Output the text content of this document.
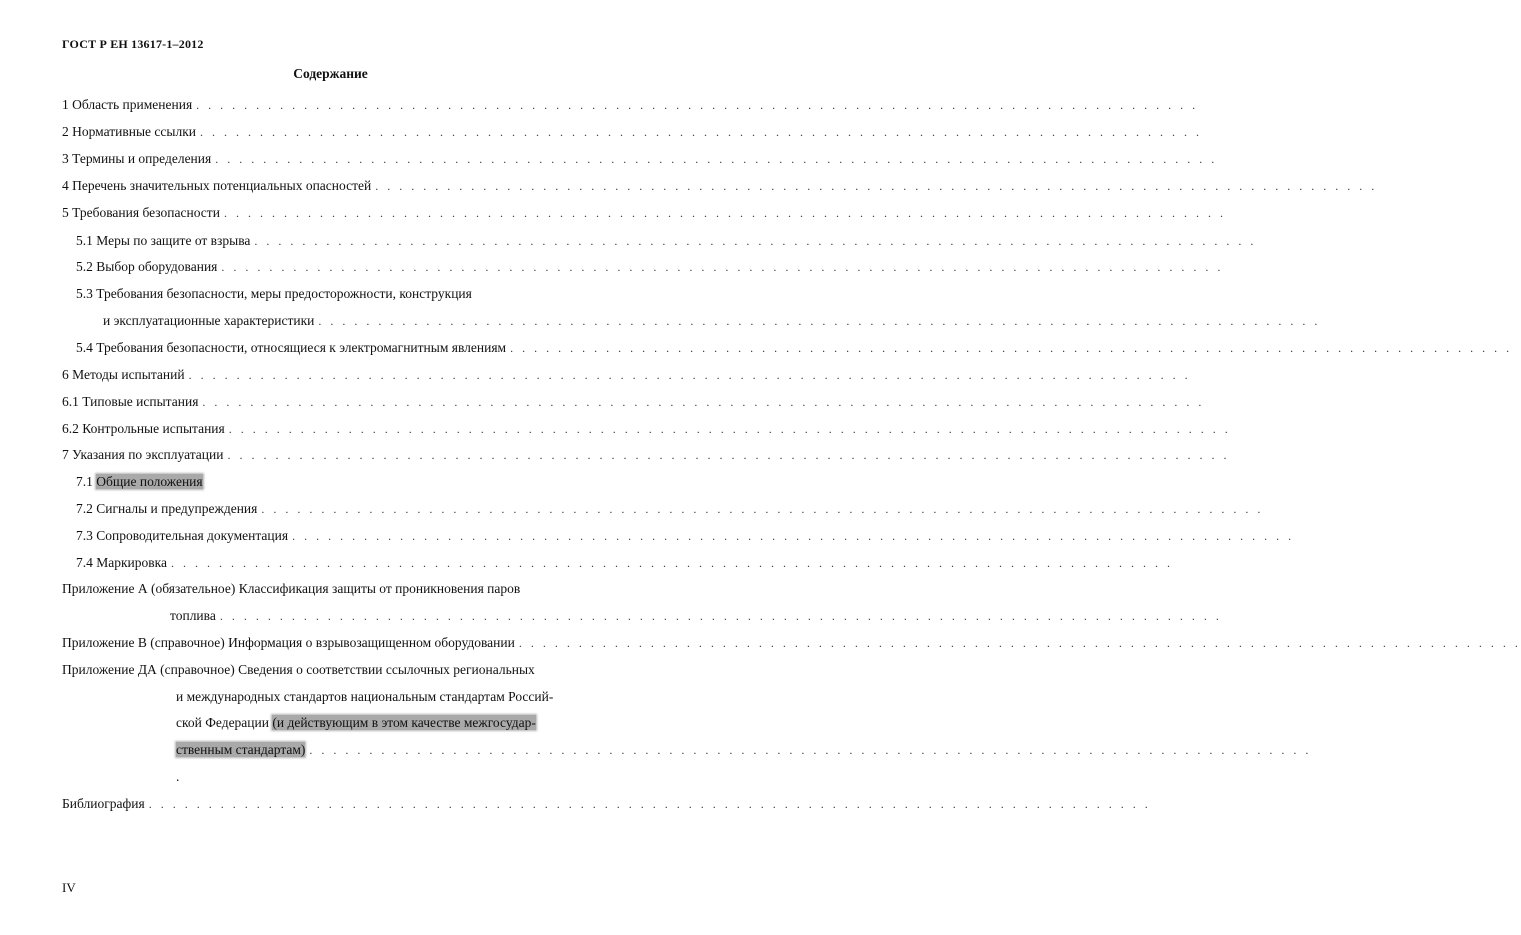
ГОСТ Р ЕН 13617-1–2012
Содержание
1 Область применения . . . . . . . . . . . . . . . . . . . . . . . . . . . . . . . . . . . . . . . . . . . . . . . . . . . . . . . . . . . . . . . . . . . . . . . . . . . . . . . . . . . .
2 Нормативные ссылки . . . . . . . . . . . . . . . . . . . . . . . . . . . . . . . . . . . . . . . . . . . . . . . . . . . . . . . . . . . . . . . . . . . . . . . . . . . . . . . . . . . .
3 Термины и определения . . . . . . . . . . . . . . . . . . . . . . . . . . . . . . . . . . . . . . . . . . . . . . . . . . . . . . . . . . . . . . . . . . . . . . . . . . . . . . . . . . . .
4 Перечень значительных потенциальных опасностей . . . . . . . . . . . . . . . . . . . . . . . . . . . . . . . . . . . . . . . . . . . . . . . . . . . . . . . . . . . . . . . . . . . . . . . . . . . . . . . . . . . .
5 Требования безопасности . . . . . . . . . . . . . . . . . . . . . . . . . . . . . . . . . . . . . . . . . . . . . . . . . . . . . . . . . . . . . . . . . . . . . . . . . . . . . . . . . . . .
5.1 Меры по защите от взрыва . . . . . . . . . . . . . . . . . . . . . . . . . . . . . . . . . . . . . . . . . . . . . . . . . . . . . . . . . . . . . . . . . . . . . . . . . . . . . . . . . . . .
5.2 Выбор оборудования . . . . . . . . . . . . . . . . . . . . . . . . . . . . . . . . . . . . . . . . . . . . . . . . . . . . . . . . . . . . . . . . . . . . . . . . . . . . . . . . . . . .
5.3 Требования безопасности, меры предосторожности, конструкция
и эксплуатационные характеристики . . . . . . . . . . . . . . . . . . . . . . . . . . . . . . . . . . . . . . . . . . . . . . . . . . . . . . . . . . . . . . . . . . . . . . . . . . . . . . . . . . . .
5.4 Требования безопасности, относящиеся к электромагнитным явлениям . . . . . . . . . . . . . . . . . . . . . . . . . . . . . . . . . . . . . . . . . . . . . . . . . . . . . . . . . . . . . . . . . . . . . . . . . . . . . . . . . . . .
6 Методы испытаний . . . . . . . . . . . . . . . . . . . . . . . . . . . . . . . . . . . . . . . . . . . . . . . . . . . . . . . . . . . . . . . . . . . . . . . . . . . . . . . . . . . .
6.1 Типовые испытания . . . . . . . . . . . . . . . . . . . . . . . . . . . . . . . . . . . . . . . . . . . . . . . . . . . . . . . . . . . . . . . . . . . . . . . . . . . . . . . . . . . .
6.2 Контрольные испытания . . . . . . . . . . . . . . . . . . . . . . . . . . . . . . . . . . . . . . . . . . . . . . . . . . . . . . . . . . . . . . . . . . . . . . . . . . . . . . . . . . . .
7 Указания по эксплуатации . . . . . . . . . . . . . . . . . . . . . . . . . . . . . . . . . . . . . . . . . . . . . . . . . . . . . . . . . . . . . . . . . . . . . . . . . . . . . . . . . . . .
7.1 Общие положения
7.2 Сигналы и предупреждения . . . . . . . . . . . . . . . . . . . . . . . . . . . . . . . . . . . . . . . . . . . . . . . . . . . . . . . . . . . . . . . . . . . . . . . . . . . . . . . . . . . .
7.3 Сопроводительная документация . . . . . . . . . . . . . . . . . . . . . . . . . . . . . . . . . . . . . . . . . . . . . . . . . . . . . . . . . . . . . . . . . . . . . . . . . . . . . . . . . . . .
7.4 Маркировка . . . . . . . . . . . . . . . . . . . . . . . . . . . . . . . . . . . . . . . . . . . . . . . . . . . . . . . . . . . . . . . . . . . . . . . . . . . . . . . . . . . .
Приложение А (обязательное) Классификация защиты от проникновения паров
топлива . . . . . . . . . . . . . . . . . . . . . . . . . . . . . . . . . . . . . . . . . . . . . . . . . . . . . . . . . . . . . . . . . . . . . . . . . . . . . . . . . . . .
Приложение В (справочное) Информация о взрывозащищенном оборудовании . . . . . . . . . . . . . . . . . . . . . . . . . . . . . . . . . . . . . . . . . . . . . . . . . . . . . . . . . . . . . . . . . . . . . . . . . . . . . . . . . . . .
Приложение ДА (справочное) Сведения о соответствии ссылочных региональных
и международных стандартов национальным стандартам Россий-
ской Федерации (и действующим в этом качестве межгосудар-
ственным стандартам) . . . . . . . . . . . . . . . . . . . . . . . . . . . . . . . . . . . . . . . . . . . . . . . . . . . . . . . . . . . . . . . . . . . . . . . . . . . . . . . . . . . .
.
Библиография . . . . . . . . . . . . . . . . . . . . . . . . . . . . . . . . . . . . . . . . . . . . . . . . . . . . . . . . . . . . . . . . . . . . . . . . . . . . . . . . . . . .
IV
